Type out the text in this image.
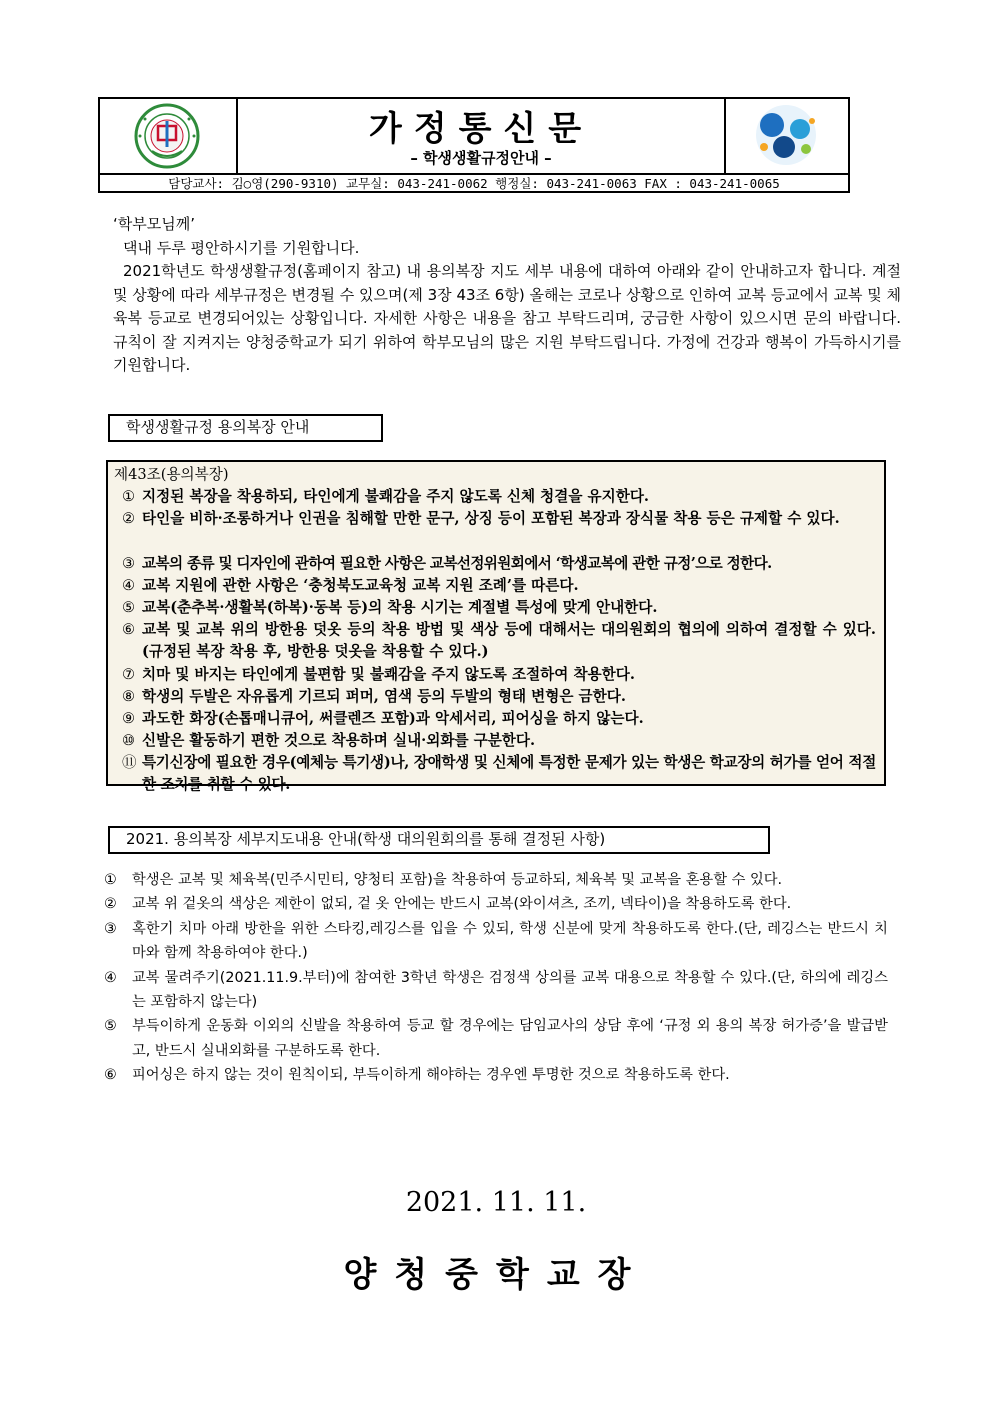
가정통신문
– 학생생활규정안내 –
담당교사: 김○영(290-9310) 교무실: 043-241-0062 행정실: 043-241-0063 FAX : 043-241-0065

‘학부모님께’

댁내 두루 평안하시기를 기원합니다.

2021학년도 학생생활규정(홈페이지 참고) 내 용의복장 지도 세부 내용에 대하여 아래와 같이 안내하고자 합니다. 계절 및 상황에 따라 세부규정은 변경될 수 있으며(제 3장 43조 6항) 올해는 코로나 상황으로 인하여 교복 등교에서 교복 및 체육복 등교로 변경되어있는 상황입니다. 자세한 사항은 내용을 참고 부탁드리며, 궁금한 사항이 있으시면 문의 바랍니다. 규칙이 잘 지켜지는 양청중학교가 되기 위하여 학부모님의 많은 지원 부탁드립니다. 가정에 건강과 행복이 가득하시기를 기원합니다.

학생생활규정 용의복장 안내
제43조(용의복장)
① 지정된 복장을 착용하되, 타인에게 불쾌감을 주지 않도록 신체 청결을 유지한다.
② 타인을 비하·조롱하거나 인권을 침해할 만한 문구, 상징 등이 포함된 복장과 장식물 착용 등은 규제할 수 있다.
③ 교복의 종류 및 디자인에 관하여 필요한 사항은 교복선정위원회에서 ‘학생교복에 관한 규정’으로 정한다.
④ 교복 지원에 관한 사항은 ‘충청북도교육청 교복 지원 조례’를 따른다.
⑤ 교복(춘추복·생활복(하복)·동복 등)의 착용 시기는 계절별 특성에 맞게 안내한다.
⑥ 교복 및 교복 위의 방한용 덧옷 등의 착용 방법 및 색상 등에 대해서는 대의원회의 협의에 의하여 결정할 수 있다.(규정된 복장 착용 후, 방한용 덧옷을 착용할 수 있다.)
⑦ 치마 및 바지는 타인에게 불편함 및 불쾌감을 주지 않도록 조절하여 착용한다.
⑧ 학생의 두발은 자유롭게 기르되 퍼머, 염색 등의 두발의 형태 변형은 금한다.
⑨ 과도한 화장(손톱매니큐어, 써클렌즈 포함)과 악세서리, 피어싱을 하지 않는다.
⑩ 신발은 활동하기 편한 것으로 착용하며 실내·외화를 구분한다.
⑪ 특기신장에 필요한 경우(예체능 특기생)나, 장애학생 및 신체에 특정한 문제가 있는 학생은 학교장의 허가를 얻어 적절한 조치를 취할 수 있다.
2021. 용의복장 세부지도내용 안내(학생 대의원회의를 통해 결정된 사항)
① 학생은 교복 및 체육복(민주시민티, 양청티 포함)을 착용하여 등교하되, 체육복 및 교복을 혼용할 수 있다.
② 교복 위 겉옷의 색상은 제한이 없되, 겉 옷 안에는 반드시 교복(와이셔츠, 조끼, 넥타이)을 착용하도록 한다.
③ 혹한기 치마 아래 방한을 위한 스타킹,레깅스를 입을 수 있되, 학생 신분에 맞게 착용하도록 한다.(단, 레깅스는 반드시 치마와 함께 착용하여야 한다.)
④ 교복 물려주기(2021.11.9.부터)에 참여한 3학년 학생은 검정색 상의를 교복 대용으로 착용할 수 있다.(단, 하의에 레깅스는 포함하지 않는다)
⑤ 부득이하게 운동화 이외의 신발을 착용하여 등교 할 경우에는 담임교사의 상담 후에 ‘규정 외 용의 복장 허가증’을 발급받고, 반드시 실내외화를 구분하도록 한다.
⑥ 피어싱은 하지 않는 것이 원칙이되, 부득이하게 해야하는 경우엔 투명한 것으로 착용하도록 한다.
2021. 11. 11.
양청중학교장
